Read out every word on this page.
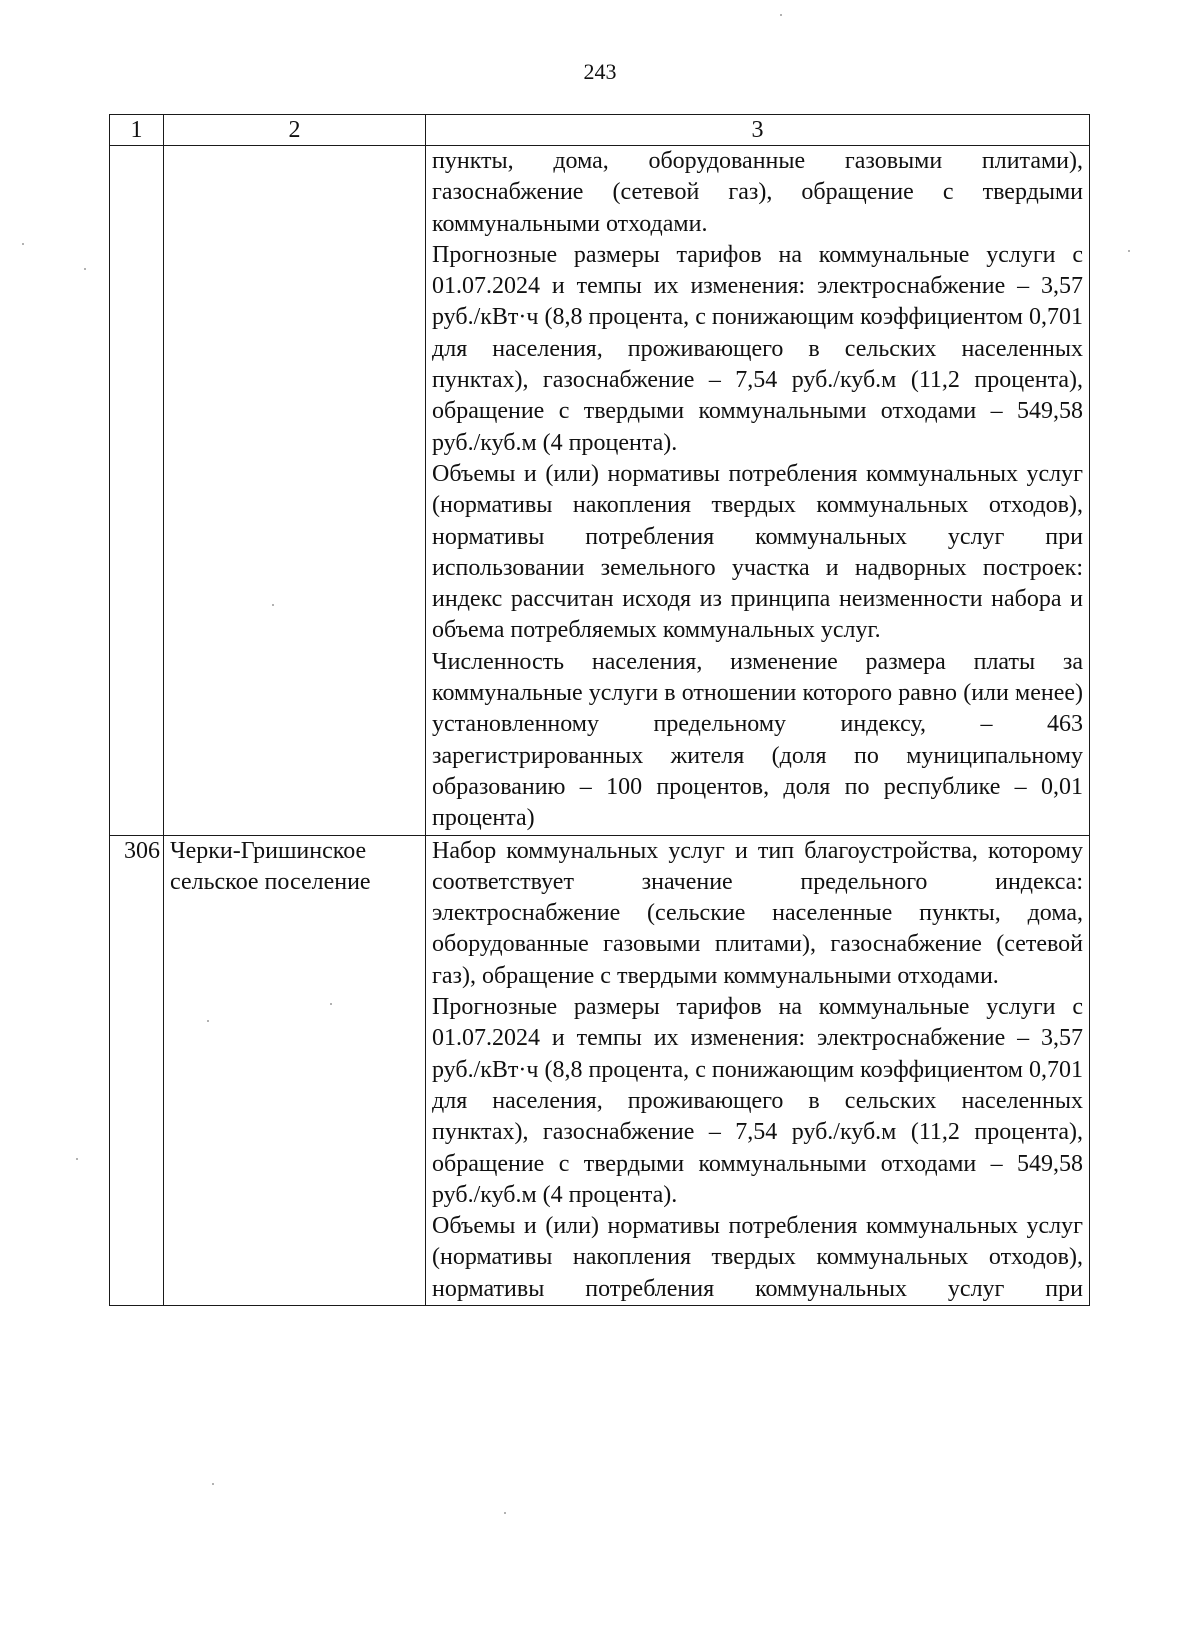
243
1	2	3

		пункты, дома, оборудованные газовыми плитами), газоснабжение (сетевой газ), обращение с твердыми коммунальными отходами.

Прогнозные размеры тарифов на коммунальные услуги с 01.07.2024 и темпы их изменения: электроснабжение – 3,57 руб./кВт·ч (8,8 процента, с понижающим коэффициентом 0,701 для населения, проживающего в сельских населенных пунктах), газоснабжение – 7,54 руб./куб.м (11,2 процента), обращение с твердыми коммунальными отходами – 549,58 руб./куб.м (4 процента).

Объемы и (или) нормативы потребления коммунальных услуг (нормативы накопления твердых коммунальных отходов), нормативы потребления коммунальных услуг при использовании земельного участка и надворных построек: индекс рассчитан исходя из принципа неизменности набора и объема потребляемых коммунальных услуг.

Численность населения, изменение размера платы за коммунальные услуги в отношении которого равно (или менее) установленному предельному индексу, – 463 зарегистрированных жителя (доля по муниципальному образованию – 100 процентов, доля по республике – 0,01 процента)

306	Черки-Гришинское сельское поселение	Набор коммунальных услуг и тип благоустройства, которому соответствует значение предельного индекса: электроснабжение (сельские населенные пункты, дома, оборудованные газовыми плитами), газоснабжение (сетевой газ), обращение с твердыми коммунальными отходами.

Прогнозные размеры тарифов на коммунальные услуги с 01.07.2024 и темпы их изменения: электроснабжение – 3,57 руб./кВт·ч (8,8 процента, с понижающим коэффициентом 0,701 для населения, проживающего в сельских населенных пунктах), газоснабжение – 7,54 руб./куб.м (11,2 процента), обращение с твердыми коммунальными отходами – 549,58 руб./куб.м (4 процента).

Объемы и (или) нормативы потребления коммунальных услуг (нормативы накопления твердых коммунальных отходов), нормативы потребления коммунальных услуг при
